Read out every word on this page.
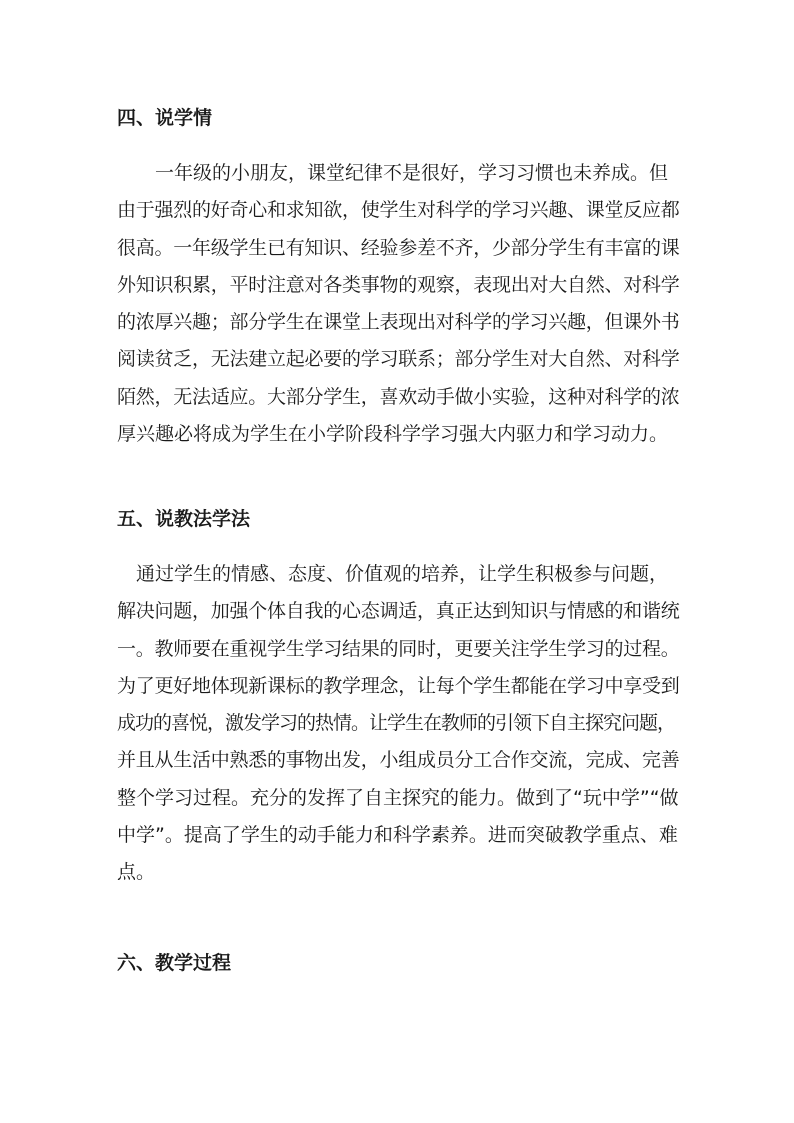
四、说学情
　　一年级的小朋友，课堂纪律不是很好，学习习惯也未养成。但
由于强烈的好奇心和求知欲，使学生对科学的学习兴趣、课堂反应都
很高。一年级学生已有知识、经验参差不齐，少部分学生有丰富的课
外知识积累，平时注意对各类事物的观察，表现出对大自然、对科学
的浓厚兴趣；部分学生在课堂上表现出对科学的学习兴趣，但课外书
阅读贫乏，无法建立起必要的学习联系；部分学生对大自然、对科学
陌然，无法适应。大部分学生，喜欢动手做小实验，这种对科学的浓
厚兴趣必将成为学生在小学阶段科学学习强大内驱力和学习动力。
五、说教法学法
　通过学生的情感、态度、价值观的培养，让学生积极参与问题，
解决问题，加强个体自我的心态调适，真正达到知识与情感的和谐统
一。教师要在重视学生学习结果的同时，更要关注学生学习的过程。
为了更好地体现新课标的教学理念，让每个学生都能在学习中享受到
成功的喜悦，激发学习的热情。让学生在教师的引领下自主探究问题，
并且从生活中熟悉的事物出发，小组成员分工合作交流，完成、完善
整个学习过程。充分的发挥了自主探究的能力。做到了“玩中学”“做
中学”。提高了学生的动手能力和科学素养。进而突破教学重点、难
点。
六、教学过程
